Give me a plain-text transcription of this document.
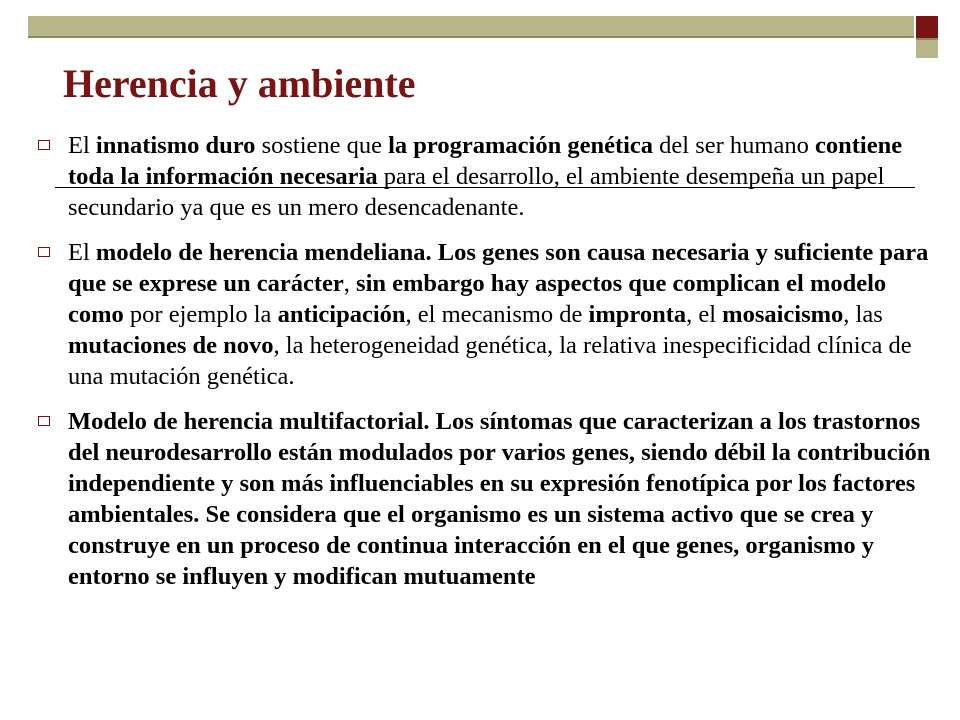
Herencia y ambiente
El innatismo duro sostiene que la programación genética del ser humano contiene toda la información necesaria para el desarrollo, el ambiente desempeña un papel secundario ya que es un mero desencadenante.
El modelo de herencia mendeliana. Los genes son causa necesaria y suficiente para que se exprese un carácter, sin embargo hay aspectos que complican el modelo como por ejemplo la anticipación, el mecanismo de impronta, el mosaicismo, las mutaciones de novo, la heterogeneidad genética, la relativa inespecificidad clínica de una mutación genética.
Modelo de herencia multifactorial. Los síntomas que caracterizan a los trastornos del neurodesarrollo están modulados por varios genes, siendo débil la contribución independiente y son más influenciables en su expresión fenotípica por los factores ambientales. Se considera que el organismo es un sistema activo que se crea y construye en un proceso de continua interacción en el que genes, organismo y entorno se influyen y modifican mutuamente
